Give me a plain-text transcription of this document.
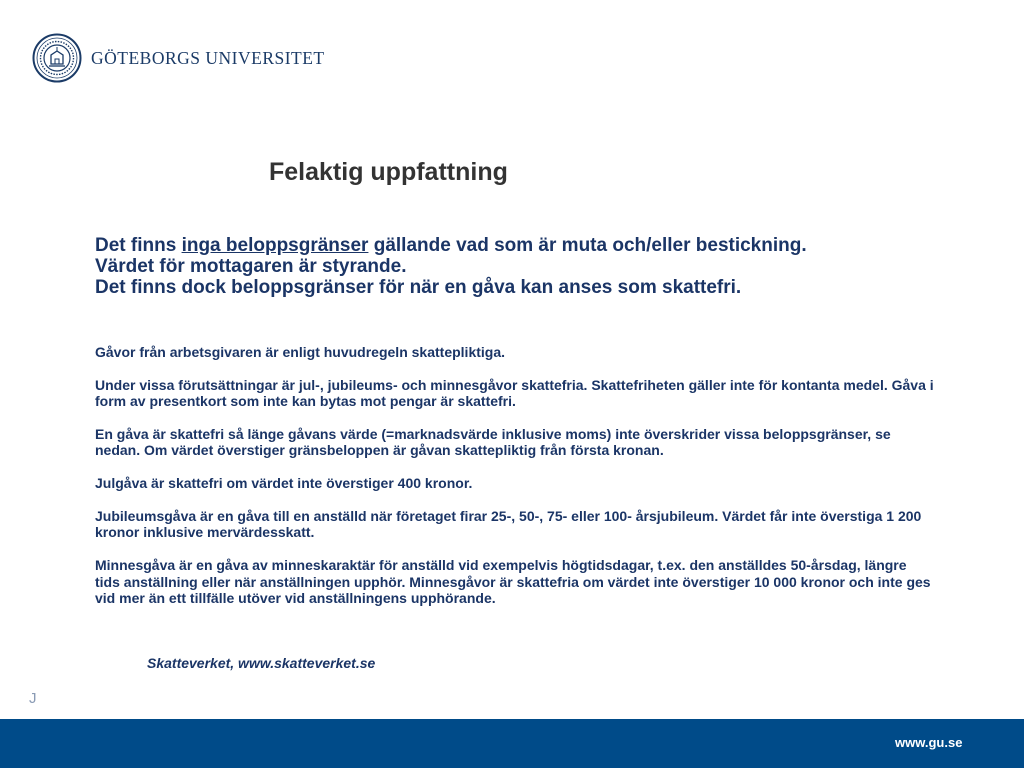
GÖTEBORGS UNIVERSITET
Felaktig uppfattning
Det finns inga beloppsgränser gällande vad som är muta och/eller bestickning.
Värdet för mottagaren är styrande.
Det finns dock beloppsgränser för när en gåva kan anses som skattefri.

Gåvor från arbetsgivaren är enligt huvudregeln skattepliktiga.

Under vissa förutsättningar är jul-, jubileums- och minnesgåvor skattefria. Skattefriheten gäller inte för kontanta medel. Gåva i form av presentkort som inte kan bytas mot pengar är skattefri.

En gåva är skattefri så länge gåvans värde (=marknadsvärde inklusive moms) inte överskrider vissa beloppsgränser, se nedan. Om värdet överstiger gränsbeloppen är gåvan skattepliktig från första kronan.

Julgåva är skattefri om värdet inte överstiger 400 kronor.

Jubileumsgåva är en gåva till en anställd när företaget firar 25-, 50-, 75- eller 100- årsjubileum. Värdet får inte överstiga 1 200 kronor inklusive mervärdesskatt.

Minnesgåva är en gåva av minneskaraktär för anställd vid exempelvis högtidsdagar, t.ex. den anställdes 50-årsdag, längre tids anställning eller när anställningen upphör. Minnesgåvor är skattefria om värdet inte överstiger 10 000 kronor och inte ges vid mer än ett tillfälle utöver vid anställningens upphörande.

Skatteverket, www.skatteverket.se
J
www.gu.se
